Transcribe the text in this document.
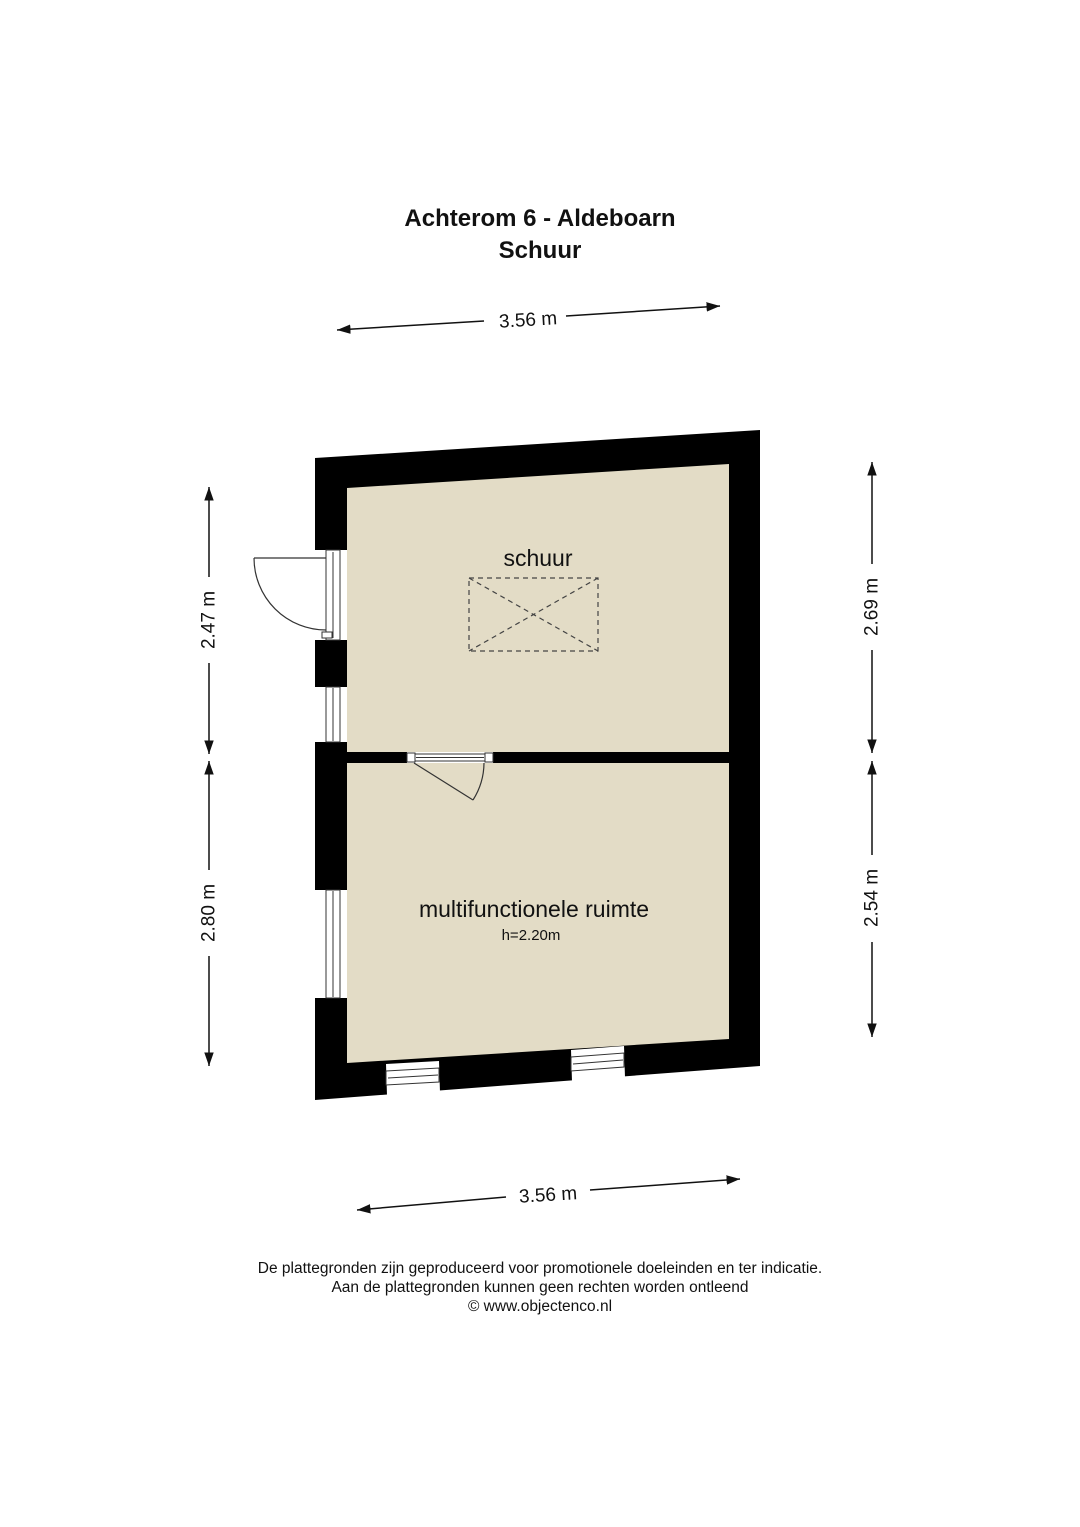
Achterom 6 - Aldeboarn
Schuur
schuur
multifunctionele ruimte
h=2.20m
3.56 m
3.56 m
2.47 m
2.80 m
2.69 m
2.54 m
De plattegronden zijn geproduceerd voor promotionele doeleinden en ter indicatie.
Aan de plattegronden kunnen geen rechten worden ontleend
© www.objectenco.nl
